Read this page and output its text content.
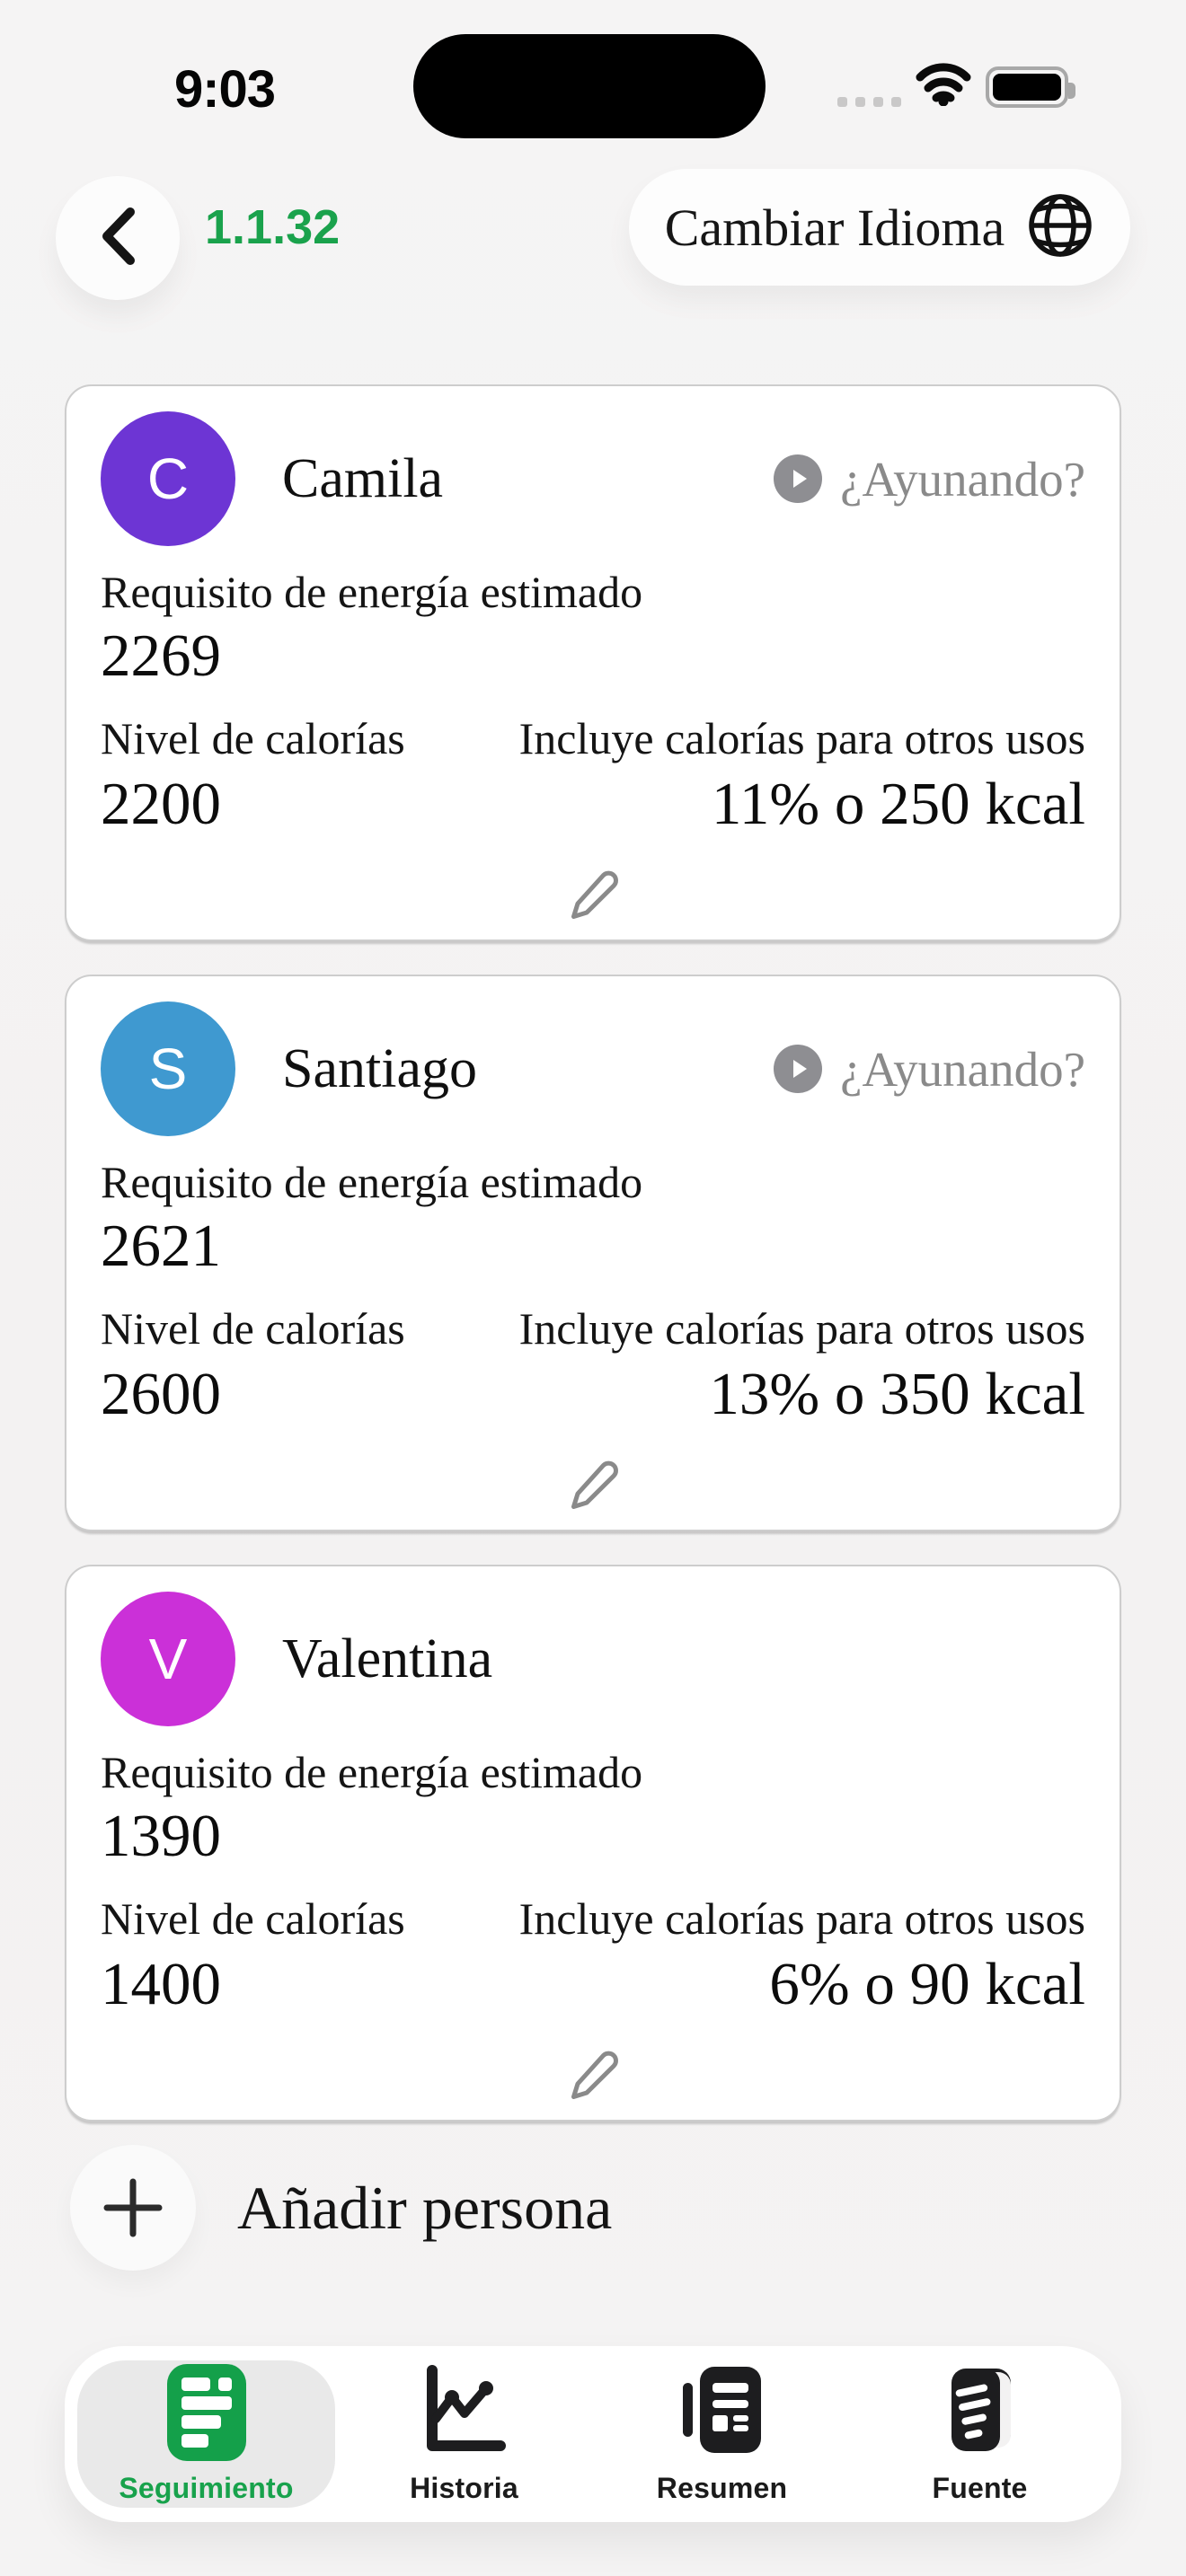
9:03
1.1.32	Cambiar Idioma
C	Camila	¿Ayunando?
Requisito de energía estimado
2269
Nivel de calorías	Incluye calorías para otros usos
2200	11% o 250 kcal
S	Santiago	¿Ayunando?
Requisito de energía estimado
2621
Nivel de calorías	Incluye calorías para otros usos
2600	13% o 350 kcal
V	Valentina
Requisito de energía estimado
1390
Nivel de calorías	Incluye calorías para otros usos
1400	6% o 90 kcal
Añadir persona
Seguimiento	Historia	Resumen	Fuente
